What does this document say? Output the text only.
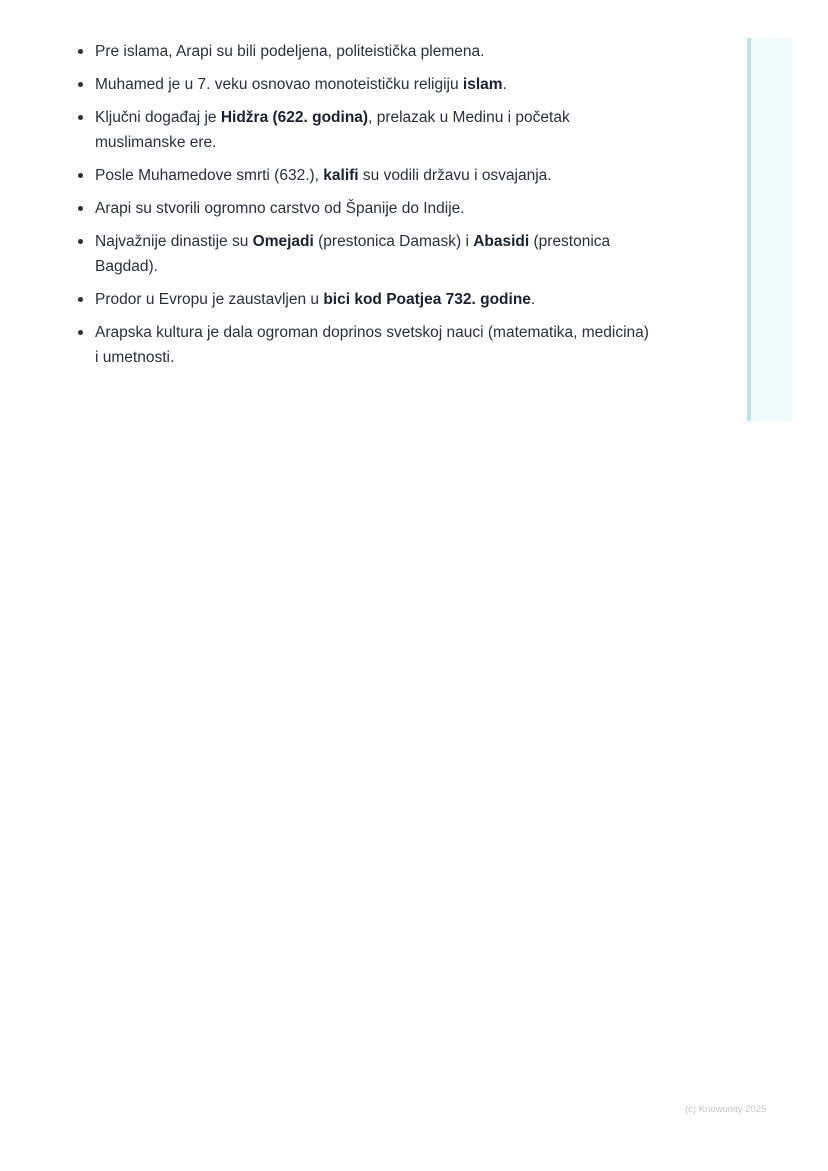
Pre islama, Arapi su bili podeljena, politeistička plemena.
Muhamed je u 7. veku osnovao monoteističku religiju islam.
Ključni događaj je Hidžra (622. godina), prelazak u Medinu i početak muslimanske ere.
Posle Muhamedove smrti (632.), kalifi su vodili državu i osvajanja.
Arapi su stvorili ogromno carstvo od Španije do Indije.
Najvažnije dinastije su Omejadi (prestonica Damask) i Abasidi (prestonica Bagdad).
Prodor u Evropu je zaustavljen u bici kod Poatjea 732. godine.
Arapska kultura je dala ogroman doprinos svetskoj nauci (matematika, medicina) i umetnosti.
(c) Knowunity 2025
